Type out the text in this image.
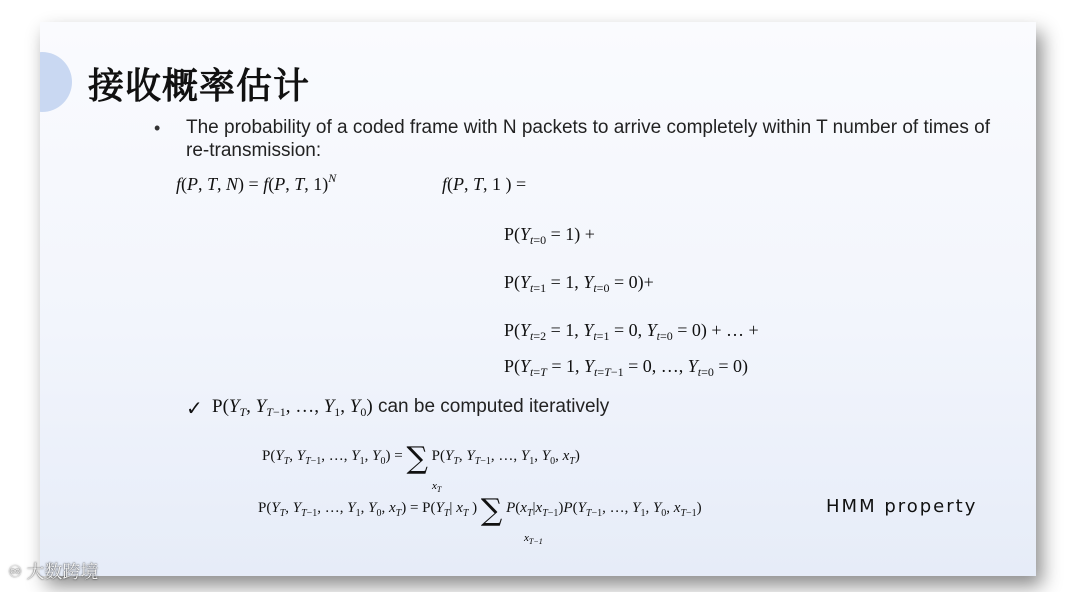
接收概率估计
• The probability of a coded frame with N packets to arrive completely within T number of times of re-transmission:
f(P, T, N) = f(P, T, 1)$^N$	f(P, T, 1 ) =
$P(Y_{t=0} = 1)$ +
$P(Y_{t=1} = 1$, $Y_{t=0} = 0)+$
$P(Y_{t=2} = 1$, $Y_{t=1} = 0$, $Y_{t=0} = 0$) + … +
$P(Y_{t=T} = 1$, $Y_{t=T-1} = 0$, …, $Y_{t=0} = 0$)
✓ $P(Y_T$, $Y_{T-1}$, …, $Y_1$, $Y_0$) can be computed iteratively
$P(Y_T$, $Y_{T-1}$, …, $Y_1$, $Y_0$) = ∑ $P(Y_T$, $Y_{T-1}$, …, $Y_1$, $Y_0$, $x_T$)
$x_T$
$P(Y_T$, $Y_{T-1}$, …, $Y_1$, $Y_0$, $x_T) = P(Y_T|$ $x_T$ ) ∑ $P(x_T|x_{T-1})P(Y_{T-1}$, …, $Y_1$, $Y_0$, $x_{T-1}$)
$x_{T-1}$
HMM property
♾ 大数跨境
